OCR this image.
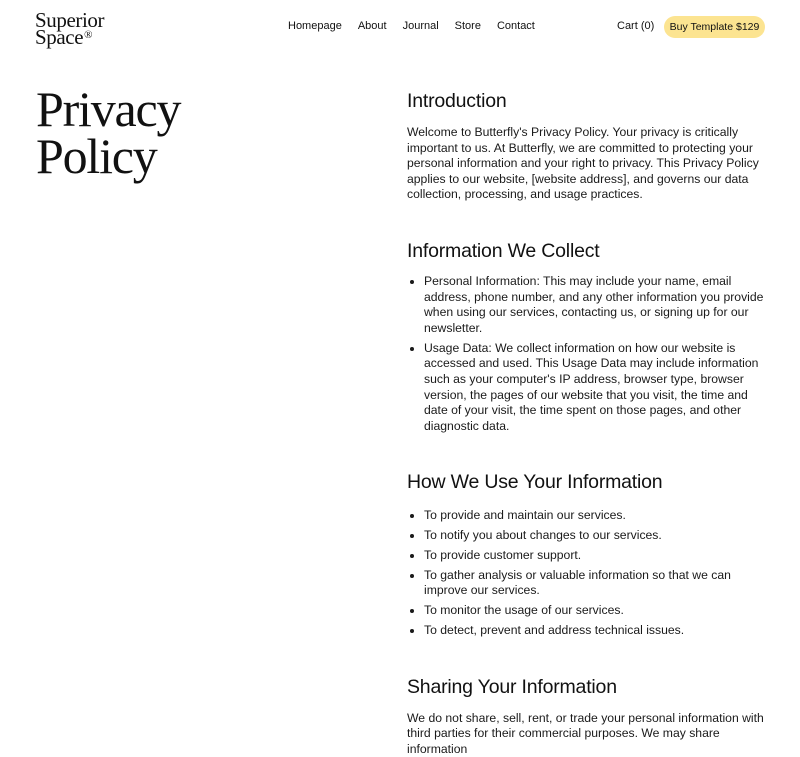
Superior
Space®
Homepage About Journal Store Contact	Cart (0)	Buy Template $129
Privacy
Policy
Introduction

Welcome to Butterfly's Privacy Policy. Your privacy is critically important to us. At Butterfly, we are committed to protecting your personal information and your right to privacy. This Privacy Policy applies to our website, [website address], and governs our data collection, processing, and usage practices.

Information We Collect
• Personal Information: This may include your name, email address, phone number, and any other information you provide when using our services, contacting us, or signing up for our newsletter.
• Usage Data: We collect information on how our website is accessed and used. This Usage Data may include information such as your computer's IP address, browser type, browser version, the pages of our website that you visit, the time and date of your visit, the time spent on those pages, and other diagnostic data.
How We Use Your Information
• To provide and maintain our services.
• To notify you about changes to our services.
• To provide customer support.
• To gather analysis or valuable information so that we can improve our services.
• To monitor the usage of our services.
• To detect, prevent and address technical issues.
Sharing Your Information

We do not share, sell, rent, or trade your personal information with third parties for their commercial purposes. We may share information
